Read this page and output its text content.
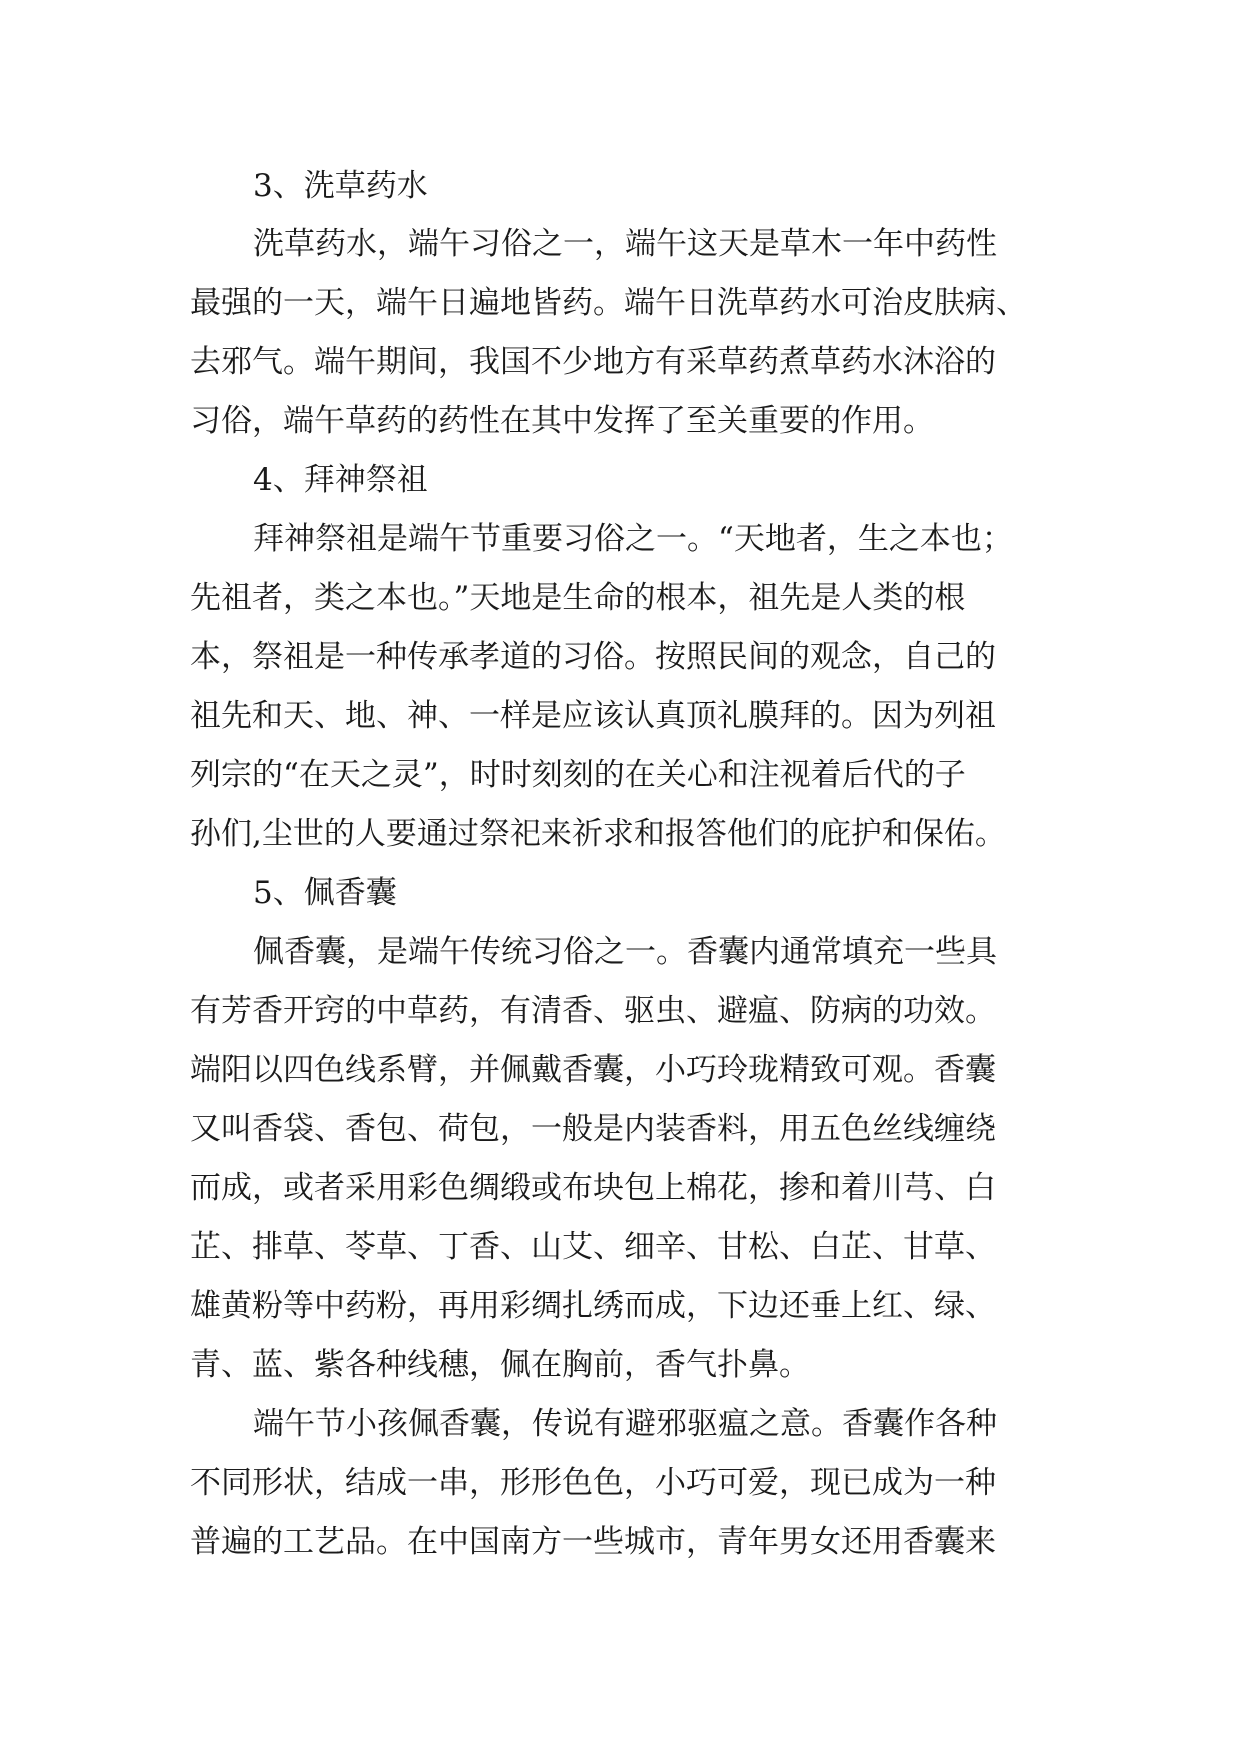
3、洗草药水
洗草药水，端午习俗之一，端午这天是草木一年中药性
最强的一天，端午日遍地皆药。端午日洗草药水可治皮肤病、
去邪气。端午期间，我国不少地方有采草药煮草药水沐浴的
习俗，端午草药的药性在其中发挥了至关重要的作用。
4、拜神祭祖
拜神祭祖是端午节重要习俗之一。“天地者，生之本也；
先祖者，类之本也。”天地是生命的根本，祖先是人类的根
本，祭祖是一种传承孝道的习俗。按照民间的观念，自己的
祖先和天、地、神、一样是应该认真顶礼膜拜的。因为列祖
列宗的“在天之灵”，时时刻刻的在关心和注视着后代的子
孙们,尘世的人要通过祭祀来祈求和报答他们的庇护和保佑。
5、佩香囊
佩香囊，是端午传统习俗之一。香囊内通常填充一些具
有芳香开窍的中草药，有清香、驱虫、避瘟、防病的功效。
端阳以四色线系臂，并佩戴香囊，小巧玲珑精致可观。香囊
又叫香袋、香包、荷包，一般是内装香料，用五色丝线缠绕
而成，或者采用彩色绸缎或布块包上棉花，掺和着川芎、白
芷、排草、苓草、丁香、山艾、细辛、甘松、白芷、甘草、
雄黄粉等中药粉，再用彩绸扎绣而成，下边还垂上红、绿、
青、蓝、紫各种线穗，佩在胸前，香气扑鼻。
端午节小孩佩香囊，传说有避邪驱瘟之意。香囊作各种
不同形状，结成一串，形形色色，小巧可爱，现已成为一种
普遍的工艺品。在中国南方一些城市，青年男女还用香囊来
